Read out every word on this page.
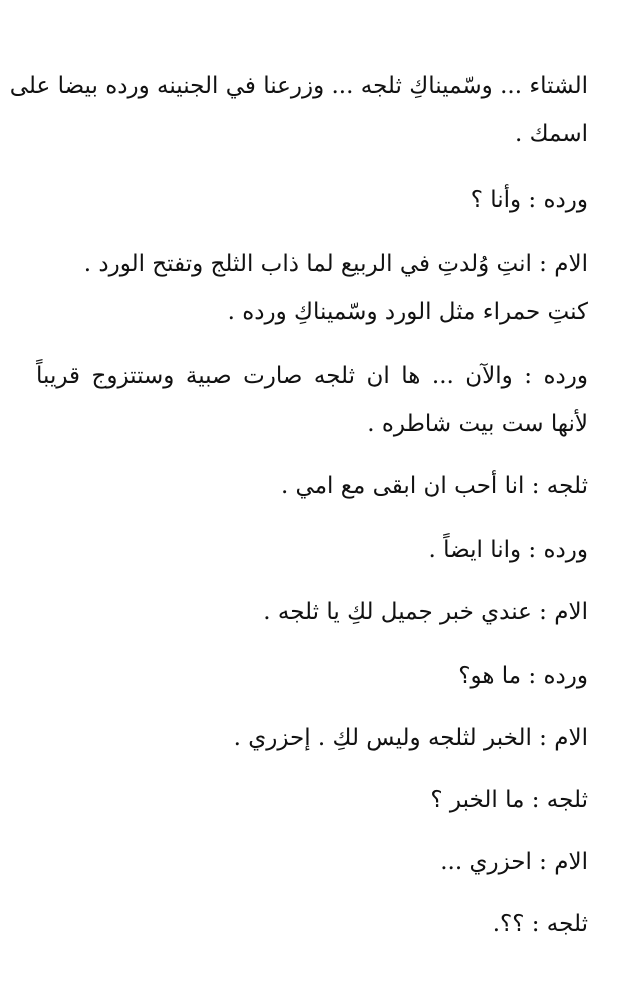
الشتاء ... وسّميناكِ ثلجه ... وزرعنا في الجنينه ورده بيضا على
اسمك .
ورده : وأنا ؟
الام : انتِ وُلدتِ في الربيع لما ذاب الثلج وتفتح الورد .
كنتِ حمراء مثل الورد وسّميناكِ ورده .
ورده : والآن ... ها ان ثلجه صارت صبية وستتزوج قريباً
لأنها ست بيت شاطره .
ثلجه : انا أحب ان ابقى مع امي .
ورده : وانا ايضاً .
الام : عندي خبر جميل لكِ يا ثلجه .
ورده : ما هو؟
الام : الخبر لثلجه وليس لكِ . إحزري .
ثلجه : ما الخبر ؟
الام : احزري ...
ثلجه : ؟؟.
